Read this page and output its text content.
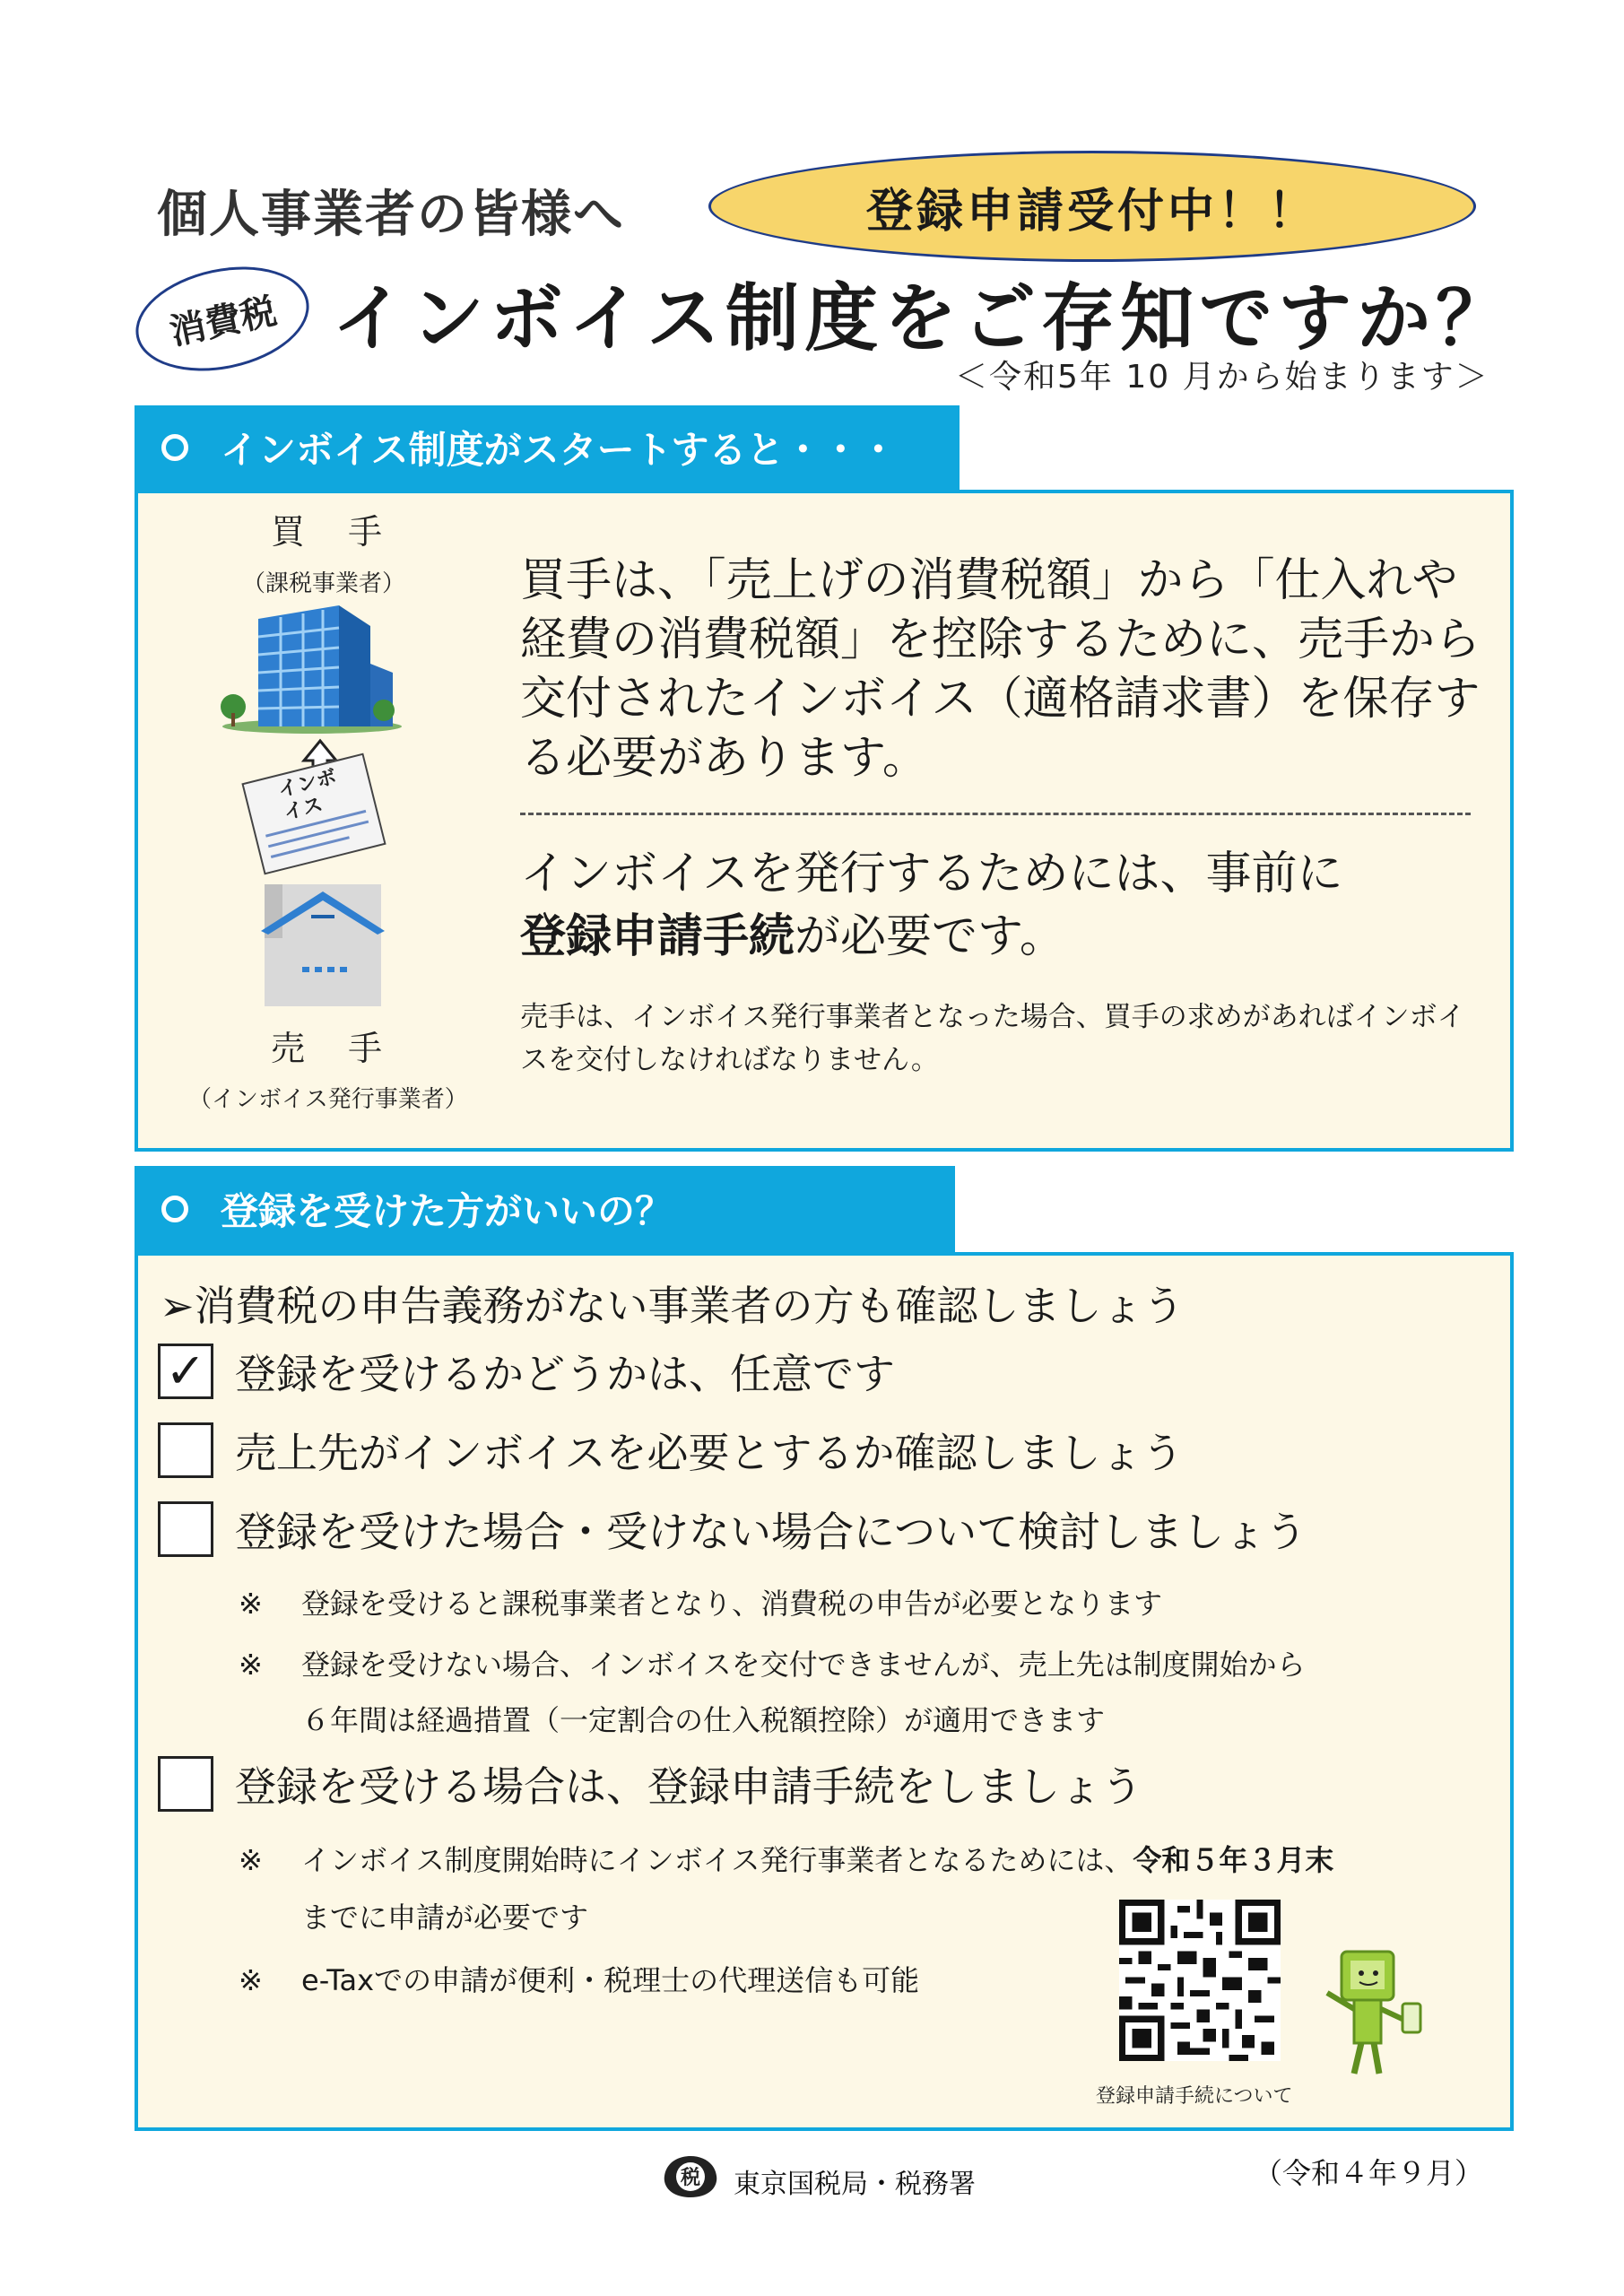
個人事業者の皆様へ	登録申請受付中！！
消費税 インボイス制度をご存知ですか？
＜令和5年 10 月から始まります＞
インボイス制度がスタートすると・・・
買 手
（課税事業者）
インボイス
売 手
（インボイス発行事業者）
買手は、「売上げの消費税額」から「仕入れや経費の消費税額」を控除するために、売手から交付されたインボイス（適格請求書）を保存する必要があります。
インボイスを発行するためには、事前に
登録申請手続が必要です。
売手は、インボイス発行事業者となった場合、買手の求めがあればインボイスを交付しなければなりません。
登録を受けた方がいいの？
➢消費税の申告義務がない事業者の方も確認しましょう
✓ 登録を受けるかどうかは、任意です
売上先がインボイスを必要とするか確認しましょう
登録を受けた場合・受けない場合について検討しましょう
※ 登録を受けると課税事業者となり、消費税の申告が必要となります
※ 登録を受けない場合、インボイスを交付できませんが、売上先は制度開始から
６年間は経過措置（一定割合の仕入税額控除）が適用できます
登録を受ける場合は、登録申請手続をしましょう
※ インボイス制度開始時にインボイス発行事業者となるためには、令和５年３月末
までに申請が必要です
※ e-Taxでの申請が便利・税理士の代理送信も可能
登録申請手続について
税 東京国税局・税務署	（令和４年９月）
